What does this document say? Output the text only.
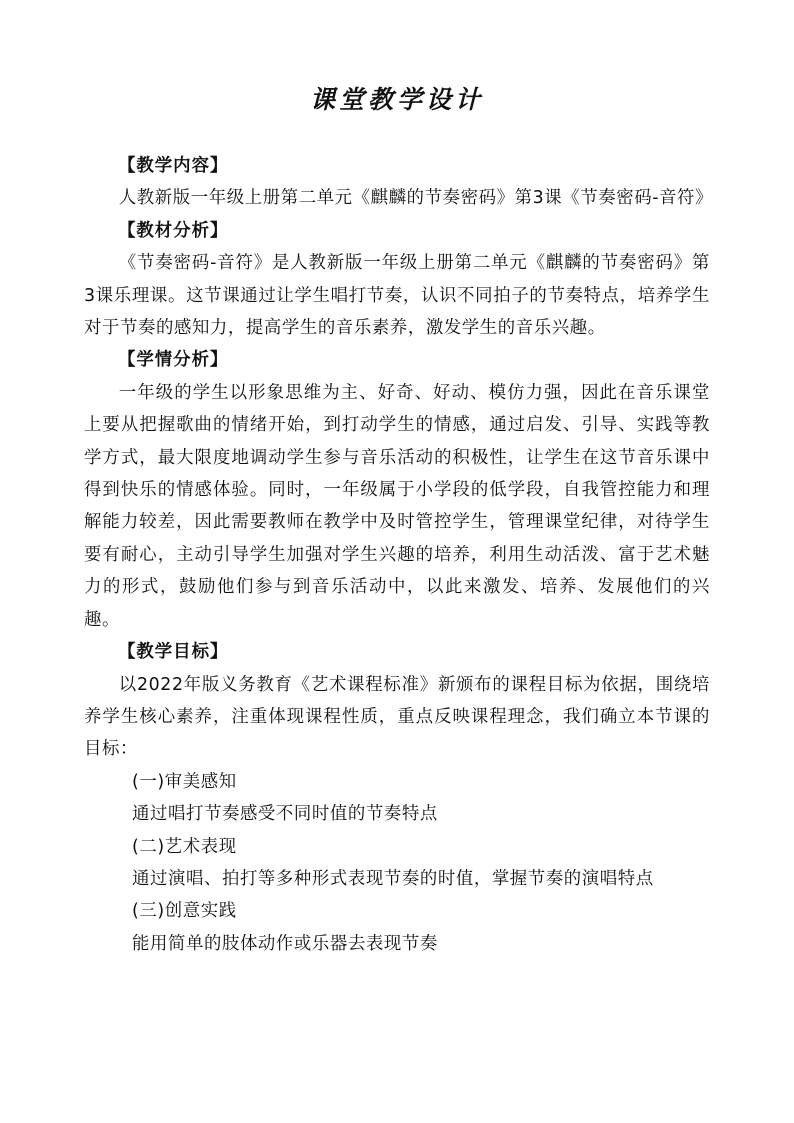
课堂教学设计

【教学内容】

人教新版一年级上册第二单元《麒麟的节奏密码》第3课《节奏密码-音符》

【教材分析】

《节奏密码-音符》是人教新版一年级上册第二单元《麒麟的节奏密码》第3课乐理课。这节课通过让学生唱打节奏，认识不同拍子的节奏特点，培养学生对于节奏的感知力，提高学生的音乐素养，激发学生的音乐兴趣。

【学情分析】

一年级的学生以形象思维为主、好奇、好动、模仿力强，因此在音乐课堂上要从把握歌曲的情绪开始，到打动学生的情感，通过启发、引导、实践等教学方式，最大限度地调动学生参与音乐活动的积极性，让学生在这节音乐课中得到快乐的情感体验。同时，一年级属于小学段的低学段，自我管控能力和理解能力较差，因此需要教师在教学中及时管控学生，管理课堂纪律，对待学生要有耐心，主动引导学生加强对学生兴趣的培养，利用生动活泼、富于艺术魅力的形式，鼓励他们参与到音乐活动中，以此来激发、培养、发展他们的兴趣。

【教学目标】

以2022年版义务教育《艺术课程标准》新颁布的课程目标为依据，围绕培养学生核心素养，注重体现课程性质，重点反映课程理念，我们确立本节课的目标：

(一)审美感知

通过唱打节奏感受不同时值的节奏特点

(二)艺术表现

通过演唱、拍打等多种形式表现节奏的时值，掌握节奏的演唱特点

(三)创意实践

能用简单的肢体动作或乐器去表现节奏
